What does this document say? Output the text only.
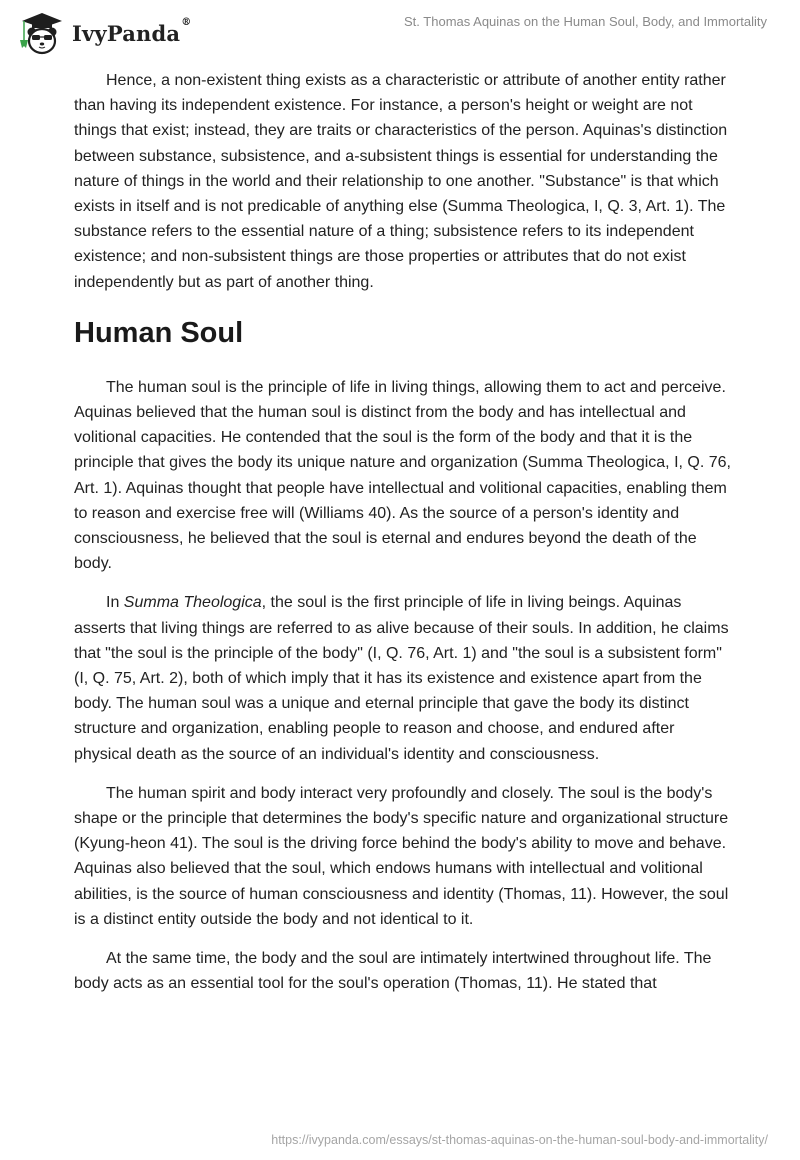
IvyPanda®	St. Thomas Aquinas on the Human Soul, Body, and Immortality

Hence, a non-existent thing exists as a characteristic or attribute of another entity rather than having its independent existence. For instance, a person's height or weight are not things that exist; instead, they are traits or characteristics of the person. Aquinas's distinction between substance, subsistence, and a-subsistent things is essential for understanding the nature of things in the world and their relationship to one another. "Substance" is that which exists in itself and is not predicable of anything else (Summa Theologica, I, Q. 3, Art. 1). The substance refers to the essential nature of a thing; subsistence refers to its independent existence; and non-subsistent things are those properties or attributes that do not exist independently but as part of another thing.

Human Soul

The human soul is the principle of life in living things, allowing them to act and perceive. Aquinas believed that the human soul is distinct from the body and has intellectual and volitional capacities. He contended that the soul is the form of the body and that it is the principle that gives the body its unique nature and organization (Summa Theologica, I, Q. 76, Art. 1). Aquinas thought that people have intellectual and volitional capacities, enabling them to reason and exercise free will (Williams 40). As the source of a person's identity and consciousness, he believed that the soul is eternal and endures beyond the death of the body.

In Summa Theologica, the soul is the first principle of life in living beings. Aquinas asserts that living things are referred to as alive because of their souls. In addition, he claims that "the soul is the principle of the body" (I, Q. 76, Art. 1) and "the soul is a subsistent form" (I, Q. 75, Art. 2), both of which imply that it has its existence and existence apart from the body. The human soul was a unique and eternal principle that gave the body its distinct structure and organization, enabling people to reason and choose, and endured after physical death as the source of an individual's identity and consciousness.

The human spirit and body interact very profoundly and closely. The soul is the body's shape or the principle that determines the body's specific nature and organizational structure (Kyung-heon 41). The soul is the driving force behind the body's ability to move and behave. Aquinas also believed that the soul, which endows humans with intellectual and volitional abilities, is the source of human consciousness and identity (Thomas, 11). However, the soul is a distinct entity outside the body and not identical to it.

At the same time, the body and the soul are intimately intertwined throughout life. The body acts as an essential tool for the soul's operation (Thomas, 11). He stated that

https://ivypanda.com/essays/st-thomas-aquinas-on-the-human-soul-body-and-immortality/
